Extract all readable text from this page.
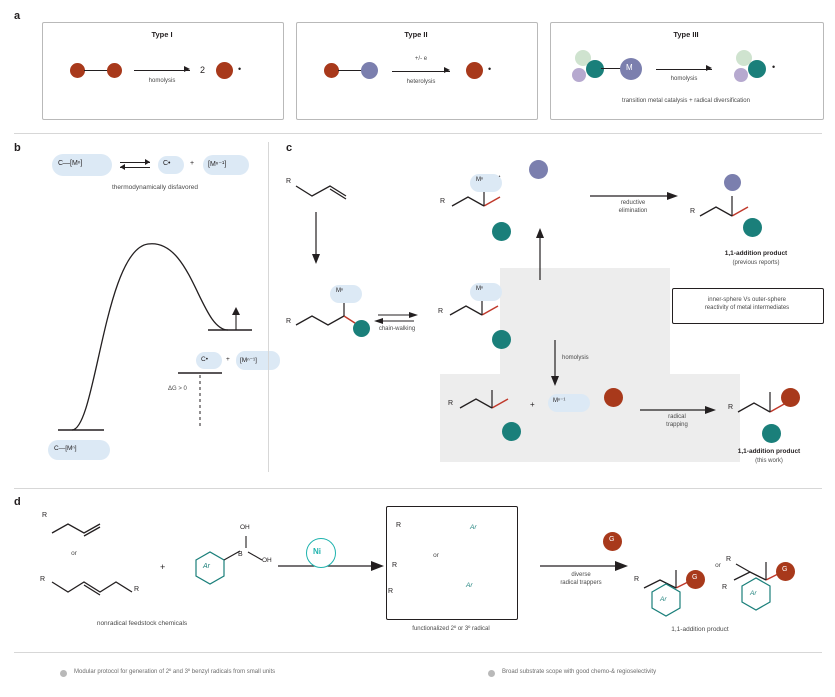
a
Type I
homolysis
2	•
Type II
+/- e
heterolysis
•
Type III
M
homolysis
•
transition metal catalysis + radical diversification
b
C—[Mⁿ]	C•	+ [Mⁿ⁻¹]
thermodynamically disfavored
ΔG > 0
C•	+ [Mⁿ⁻¹]
C—[Mⁿ]
c
R
Mⁿ
R
Mⁿ
R
Mⁿ
R
R
R	+	Mⁿ⁻¹
R
chain-walking
reductive
elimination
homolysis
radical
trapping
1,1-addition product
(previous reports)
1,1-addition product
(this work)
inner-sphere Vs outer-sphere
reactivity of metal intermediates
d
R
or
R
R
+	Ar
B
OH
OH
Ni
R	Ar
or
R
R
Ar
functionalized 2º or 3º radical
nonradical feedstock chemicals
diverse
radical trappers
G
G
R
Ar
or
G
R
R
Ar
1,1-addition product
Modular protocol for generation of 2º and 3º benzyl radicals from small units	Broad substrate scope with good chemo-& regioselectivity
